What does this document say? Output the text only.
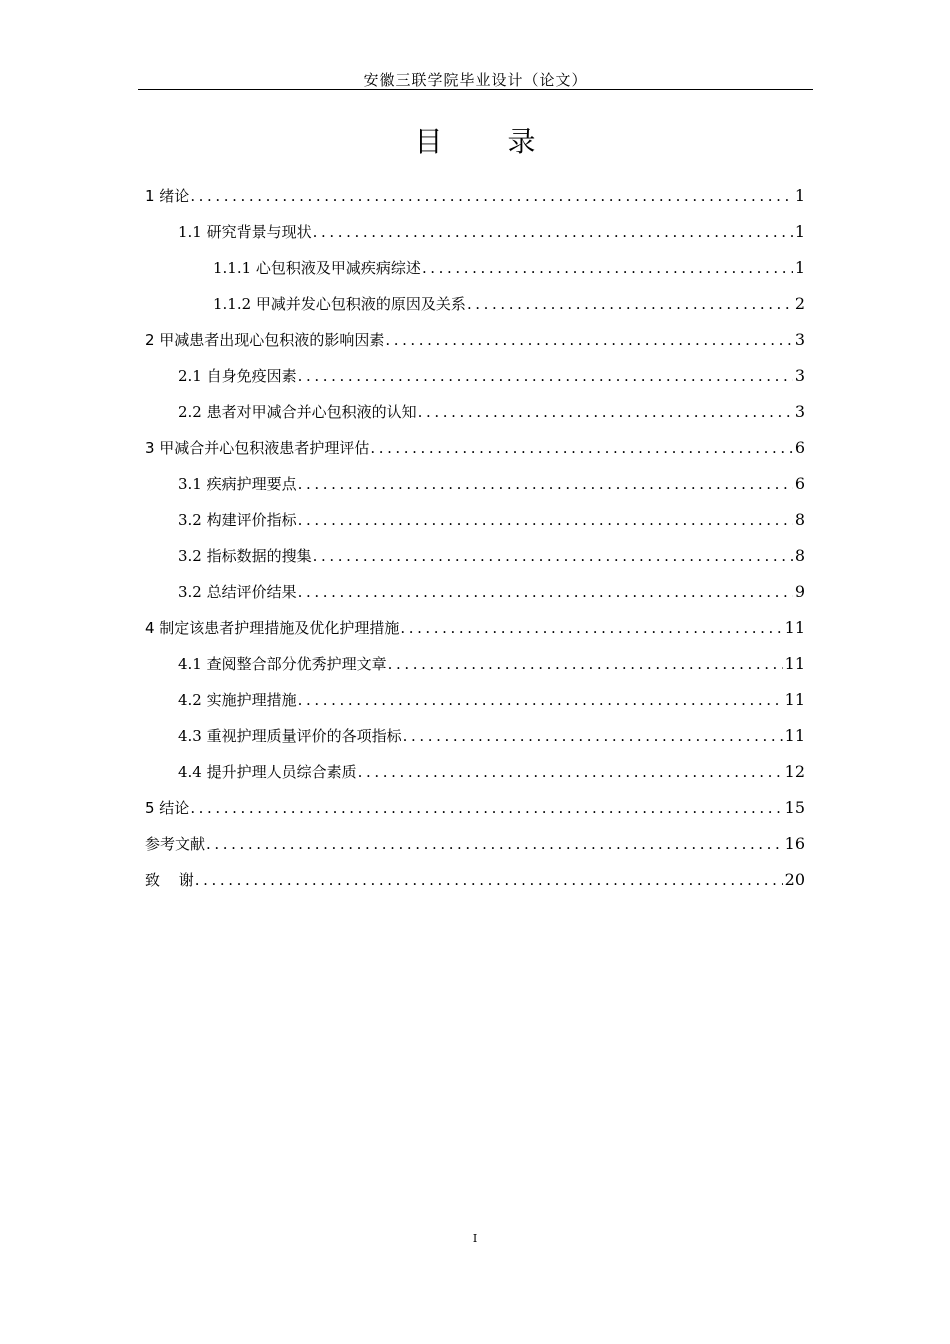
安徽三联学院毕业设计（论文）
目 录
1 绪论 .....	1
1.1 研究背景与现状 .....	1
1.1.1 心包积液及甲减疾病综述 .....	1
1.1.2 甲减并发心包积液的原因及关系 .....	2
2 甲减患者出现心包积液的影响因素 .....	3
2.1 自身免疫因素 .....	3
2.2 患者对甲减合并心包积液的认知 .....	3
3 甲减合并心包积液患者护理评估 .....	6
3.1 疾病护理要点 .....	6
3.2 构建评价指标 .....	8
3.2 指标数据的搜集 .....	8
3.2 总结评价结果 .....	9
4 制定该患者护理措施及优化护理措施 .....	11
4.1 查阅整合部分优秀护理文章 .....	11
4.2 实施护理措施 .....	11
4.3 重视护理质量评价的各项指标 .....	11
4.4 提升护理人员综合素质 .....	12
5 结论 .....	15
参考文献 .....	16
致 谢 .....	20
I
